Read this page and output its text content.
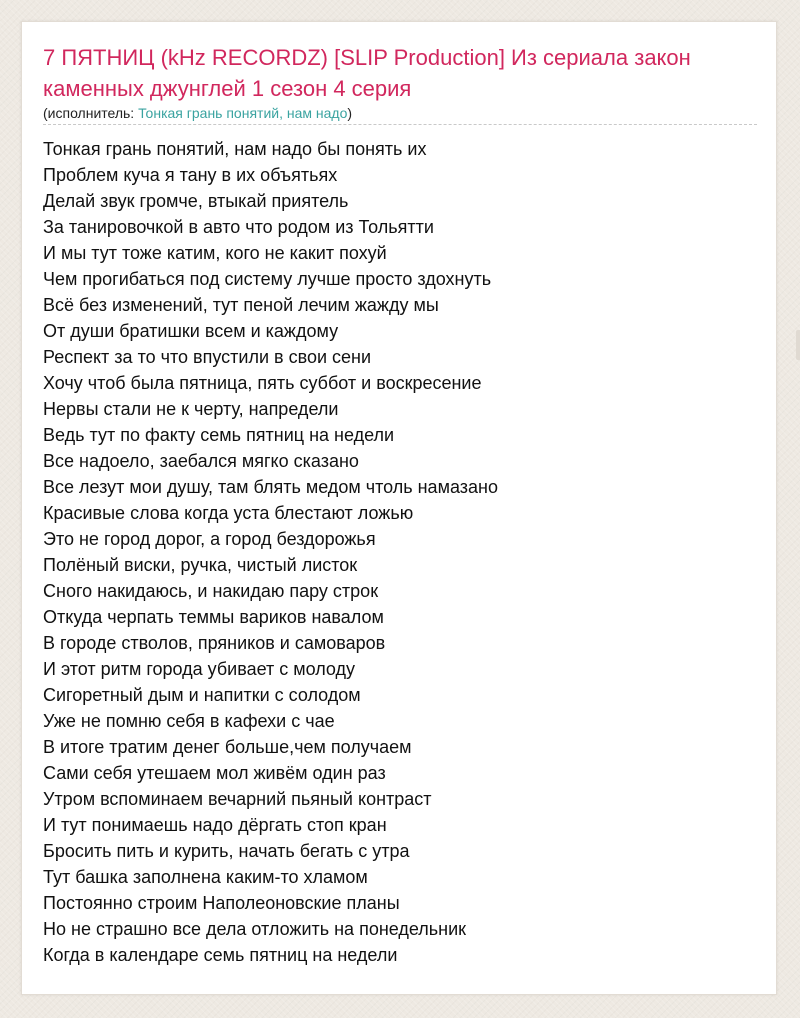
7 ПЯТНИЦ (kHz RECORDZ) [SLIP Production] Из сериала закон каменных джунглей 1 сезон 4 серия
(исполнитель: Тонкая грань понятий, нам надо)
Тонкая грань понятий, нам надо бы понять их
Проблем куча я тану в их объятьях
Делай звук громче, втыкай приятель
За танировочкой в авто что родом из Тольятти
И мы тут тоже катим, кого не какит похуй
Чем прогибаться под систему лучше просто здохнуть
Всё без изменений, тут пеной лечим жажду мы
От души братишки всем и каждому
Респект за то что впустили в свои сени
Хочу чтоб была пятница, пять суббот и воскресение
Нервы стали не к черту, напредели
Ведь тут по факту семь пятниц на недели
Все надоело, заебался мягко сказано
Все лезут мои душу, там блять медом чтоль намазано
Красивые слова когда уста блестают ложью
Это не город дорог, а город бездорожья
Полёный виски, ручка, чистый листок
Сного накидаюсь, и накидаю пару строк
Откуда черпать теммы вариков навалом
В городе стволов, пряников и самоваров
И этот ритм города убивает с молоду
Сигоретный дым и напитки с солодом
Уже не помню себя в кафехи с чае
В итоге тратим денег больше,чем получаем
Сами себя утешаем мол живём один раз
Утром вспоминаем вечарний пьяный контраст
И тут понимаешь надо дёргать стоп кран
Бросить пить и курить, начать бегать с утра
Тут башка заполнена каким-то хламом
Постоянно строим Наполеоновские планы
Но не страшно все дела отложить на понедельник
Когда в календаре семь пятниц на недели
